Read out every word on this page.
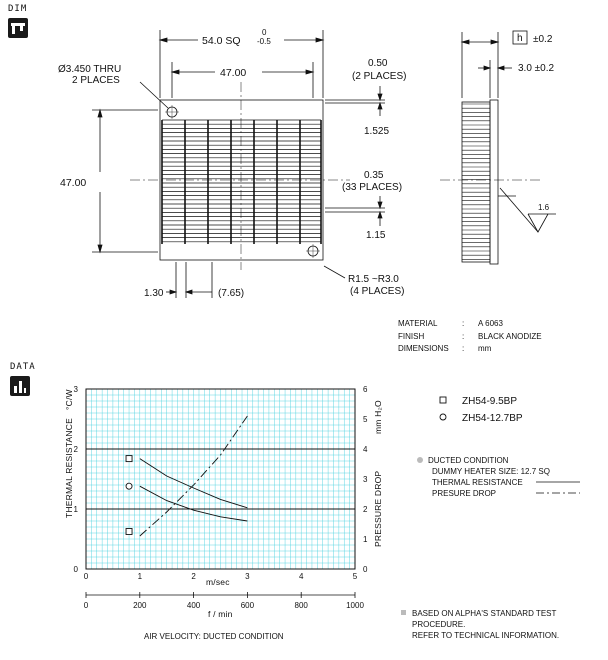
DIM
DATA
54.0 SQ
0
-0.5
Ø3.450 THRU
2 PLACES
47.00
47.00
0.50
(2 PLACES)
1.525
0.35
(33 PLACES)
1.15
1.30	(7.65)
R1.5 ~R3.0
(4 PLACES)
h ±0.2
3.0 ±0.2
1.6
MATERIAL	: A 6063
FINISH	: BLACK ANODIZE
DIMENSIONS : mm
0
1
2
3
0
1
2
3
4
5
6
0	1	2	3	4	5
0	200	400	600	800	1000
THERMAL RESISTANCE
°C/W
PRESSURE DROP
mm H₂O
m/sec
f / min
AIR VELOCITY: DUCTED CONDITION
ZH54-9.5BP
ZH54-12.7BP
DUCTED CONDITION
DUMMY HEATER SIZE: 12.7 SQ
THERMAL RESISTANCE
PRESURE DROP
BASED ON ALPHA'S STANDARD TEST
PROCEDURE.
REFER TO TECHNICAL INFORMATION.
